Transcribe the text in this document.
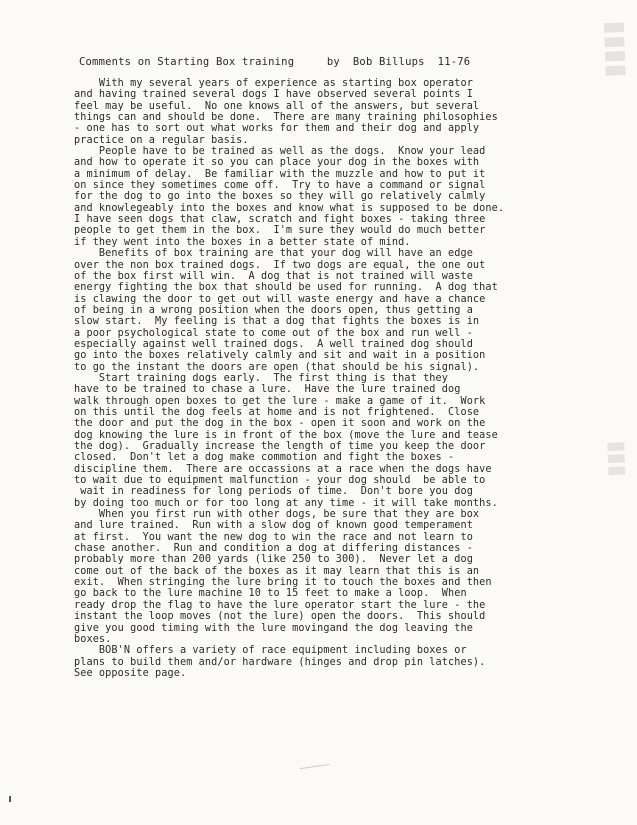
▮▮▮▮
▮▮▮
Comments on Starting Box training     by  Bob Billups  11-76
With my several years of experience as starting box operator
and having trained several dogs I have observed several points I
feel may be useful.  No one knows all of the answers, but several
things can and should be done.  There are many training philosophies
- one has to sort out what works for them and their dog and apply
practice on a regular basis.
People have to be trained as well as the dogs.  Know your lead
and how to operate it so you can place your dog in the boxes with
a minimum of delay.  Be familiar with the muzzle and how to put it
on since they sometimes come off.  Try to have a command or signal
for the dog to go into the boxes so they will go relatively calmly
and knowlegeably into the boxes and know what is supposed to be done.
I have seen dogs that claw, scratch and fight boxes - taking three
people to get them in the box.  I'm sure they would do much better
if they went into the boxes in a better state of mind.
Benefits of box training are that your dog will have an edge
over the non box trained dogs.  If two dogs are equal, the one out
of the box first will win.  A dog that is not trained will waste
energy fighting the box that should be used for running.  A dog that
is clawing the door to get out will waste energy and have a chance
of being in a wrong position when the doors open, thus getting a
slow start.  My feeling is that a dog that fights the boxes is in
a poor psychological state to come out of the box and run well -
especially against well trained dogs.  A well trained dog should
go into the boxes relatively calmly and sit and wait in a position
to go the instant the doors are open (that should be his signal).
Start training dogs early.  The first thing is that they
have to be trained to chase a lure.  Have the lure trained dog
walk through open boxes to get the lure - make a game of it.  Work
on this until the dog feels at home and is not frightened.  Close
the door and put the dog in the box - open it soon and work on the
dog knowing the lure is in front of the box (move the lure and tease
the dog).  Gradually increase the length of time you keep the door
closed.  Don't let a dog make commotion and fight the boxes -
discipline them.  There are occassions at a race when the dogs have
to wait due to equipment malfunction - your dog should  be able to
wait in readiness for long periods of time.  Don't bore you dog
by doing too much or for too long at any time - it will take months.
When you first run with other dogs, be sure that they are box
and lure trained.  Run with a slow dog of known good temperament
at first.  You want the new dog to win the race and not learn to
chase another.  Run and condition a dog at differing distances -
probably more than 200 yards (like 250 to 300).  Never let a dog
come out of the back of the boxes as it may learn that this is an
exit.  When stringing the lure bring it to touch the boxes and then
go back to the lure machine 10 to 15 feet to make a loop.  When
ready drop the flag to have the lure operator start the lure - the
instant the loop moves (not the lure) open the doors.  This should
give you good timing with the lure movingand the dog leaving the
boxes.
BOB'N offers a variety of race equipment including boxes or
plans to build them and/or hardware (hinges and drop pin latches).
See opposite page.
